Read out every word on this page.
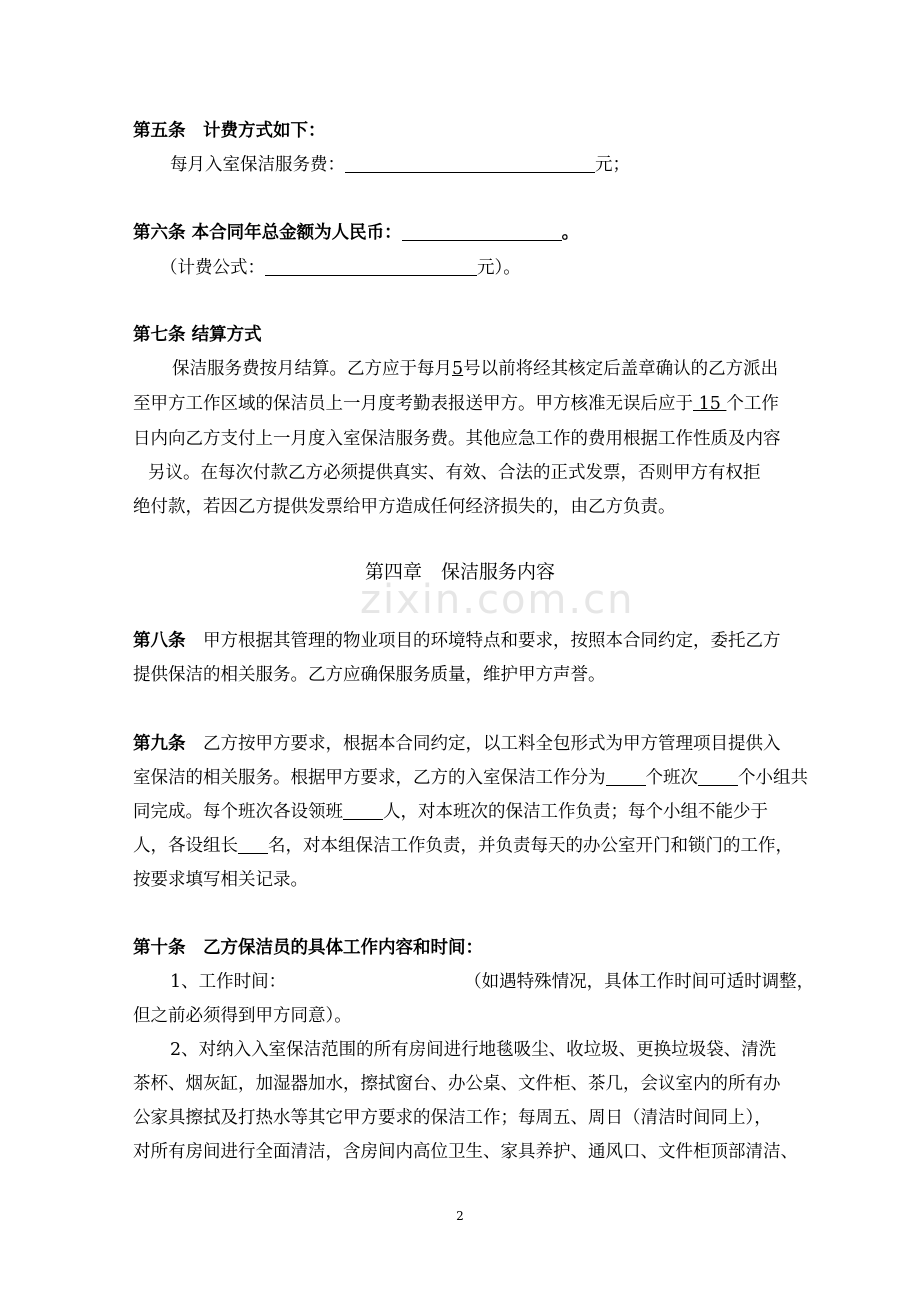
zixin.com.cn
第五条　计费方式如下：
每月入室保洁服务费：	元；
第六条 本合同年总金额为人民币：	。
（计费公式：	元）。
第七条 结算方式
保洁服务费按月结算。乙方应于每月5号以前将经其核定后盖章确认的乙方派出
至甲方工作区域的保洁员上一月度考勤表报送甲方。甲方核准无误后应于 15 个工作
日内向乙方支付上一月度入室保洁服务费。其他应急工作的费用根据工作性质及内容
另议。在每次付款乙方必须提供真实、有效、合法的正式发票，否则甲方有权拒
绝付款，若因乙方提供发票给甲方造成任何经济损失的，由乙方负责。
第四章　保洁服务内容
第八条　甲方根据其管理的物业项目的环境特点和要求，按照本合同约定，委托乙方
提供保洁的相关服务。乙方应确保服务质量，维护甲方声誉。
第九条　乙方按甲方要求，根据本合同约定，以工料全包形式为甲方管理项目提供入
室保洁的相关服务。根据甲方要求，乙方的入室保洁工作分为 个班次 个小组共
同完成。每个班次各设领班 人，对本班次的保洁工作负责；每个小组不能少于
人，各设组长 名，对本组保洁工作负责，并负责每天的办公室开门和锁门的工作，
按要求填写相关记录。
第十条　乙方保洁员的具体工作内容和时间：
1、工作时间：	（如遇特殊情况，具体工作时间可适时调整，
但之前必须得到甲方同意）。
2、对纳入入室保洁范围的所有房间进行地毯吸尘、收垃圾、更换垃圾袋、清洗
茶杯、烟灰缸，加湿器加水，擦拭窗台、办公桌、文件柜、茶几，会议室内的所有办
公家具擦拭及打热水等其它甲方要求的保洁工作；每周五、周日（清洁时间同上），
对所有房间进行全面清洁，含房间内高位卫生、家具养护、通风口、文件柜顶部清洁、
2
